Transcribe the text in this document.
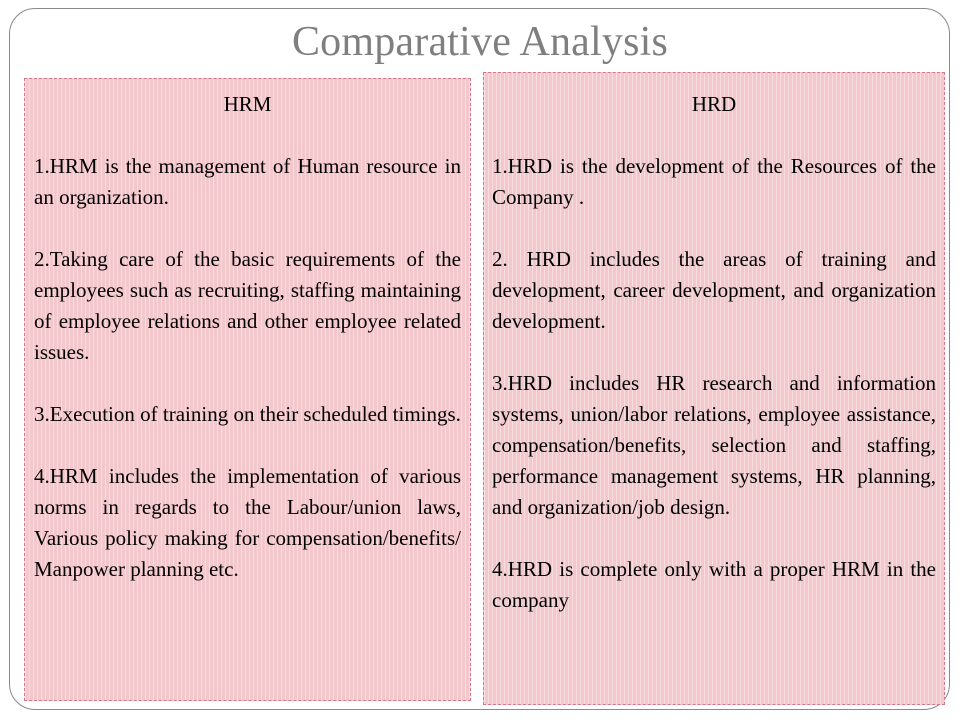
Comparative Analysis
HRM
1.HRM is the management of Human resource in an organization.
2.Taking care of the basic requirements of the employees such as recruiting, staffing maintaining of employee relations and other employee related issues.
3.Execution of training on their scheduled timings.
4.HRM includes the implementation of various norms in regards to the Labour/union laws, Various policy making for compensation/benefits/ Manpower planning etc.
HRD
1.HRD is the development of the Resources of the Company .
2. HRD includes the areas of training and development, career development, and organization development.
3.HRD includes HR research and information systems, union/labor relations, employee assistance, compensation/benefits, selection and staffing, performance management systems, HR planning, and organization/job design.
4.HRD is complete only with a proper HRM in the company
